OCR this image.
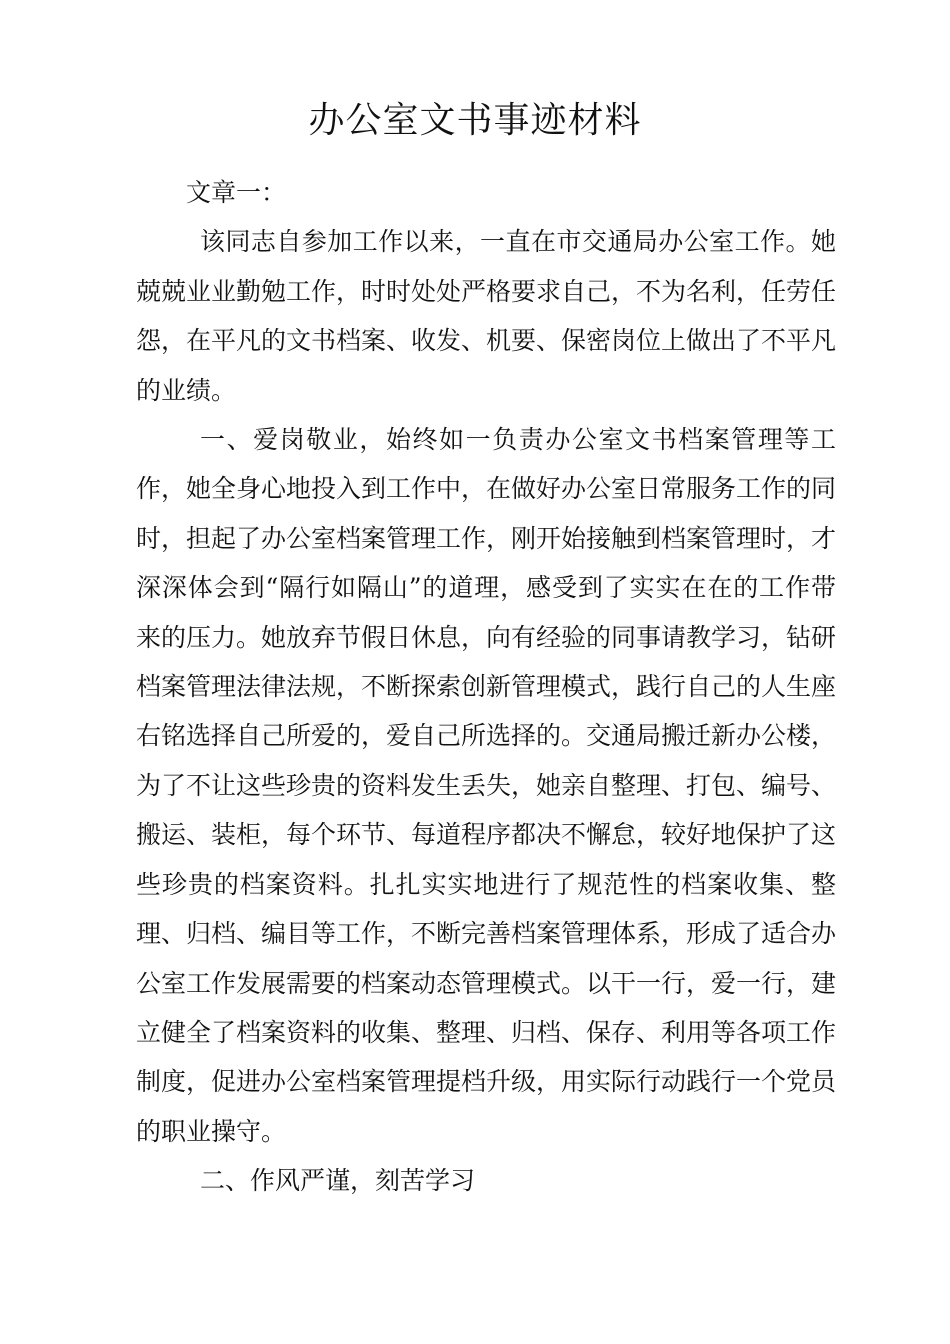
办公室文书事迹材料

文章一：

该同志自参加工作以来，一直在市交通局办公室工作。她兢兢业业勤勉工作，时时处处严格要求自己，不为名利，任劳任怨，在平凡的文书档案、收发、机要、保密岗位上做出了不平凡的业绩。

一、爱岗敬业，始终如一负责办公室文书档案管理等工作，她全身心地投入到工作中，在做好办公室日常服务工作的同时，担起了办公室档案管理工作，刚开始接触到档案管理时，才深深体会到“隔行如隔山”的道理，感受到了实实在在的工作带来的压力。她放弃节假日休息，向有经验的同事请教学习，钻研档案管理法律法规，不断探索创新管理模式，践行自己的人生座右铭选择自己所爱的，爱自己所选择的。交通局搬迁新办公楼，为了不让这些珍贵的资料发生丢失，她亲自整理、打包、编号、搬运、装柜，每个环节、每道程序都决不懈怠，较好地保护了这些珍贵的档案资料。扎扎实实地进行了规范性的档案收集、整理、归档、编目等工作，不断完善档案管理体系，形成了适合办公室工作发展需要的档案动态管理模式。以干一行，爱一行，建立健全了档案资料的收集、整理、归档、保存、利用等各项工作制度，促进办公室档案管理提档升级，用实际行动践行一个党员的职业操守。

二、作风严谨，刻苦学习
